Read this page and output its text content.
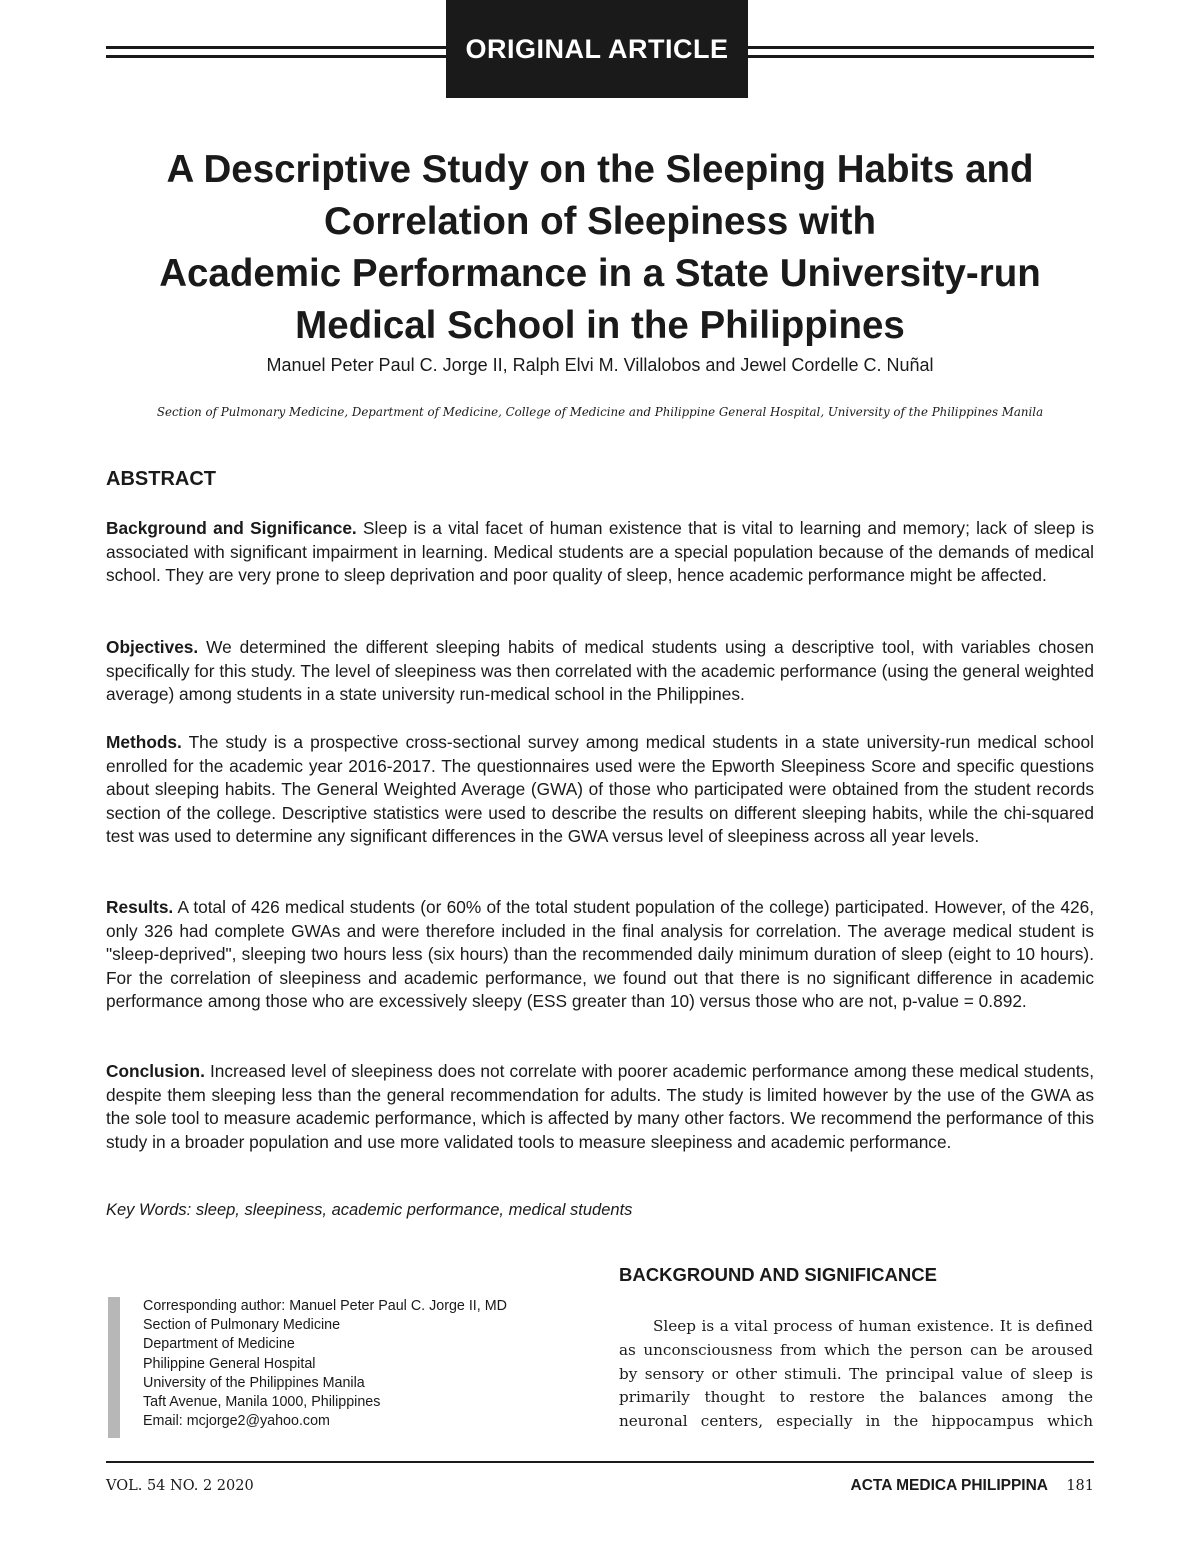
ORIGINAL ARTICLE
A Descriptive Study on the Sleeping Habits and
Correlation of Sleepiness with
Academic Performance in a State University-run
Medical School in the Philippines

Manuel Peter Paul C. Jorge II, Ralph Elvi M. Villalobos and Jewel Cordelle C. Nuñal

Section of Pulmonary Medicine, Department of Medicine, College of Medicine and Philippine General Hospital, University of the Philippines Manila

ABSTRACT

Background and Significance. Sleep is a vital facet of human existence that is vital to learning and memory; lack of sleep is associated with significant impairment in learning. Medical students are a special population because of the demands of medical school. They are very prone to sleep deprivation and poor quality of sleep, hence academic performance might be affected.

Objectives. We determined the different sleeping habits of medical students using a descriptive tool, with variables chosen specifically for this study. The level of sleepiness was then correlated with the academic performance (using the general weighted average) among students in a state university run-medical school in the Philippines.

Methods. The study is a prospective cross-sectional survey among medical students in a state university-run medical school enrolled for the academic year 2016-2017. The questionnaires used were the Epworth Sleepiness Score and specific questions about sleeping habits. The General Weighted Average (GWA) of those who participated were obtained from the student records section of the college. Descriptive statistics were used to describe the results on different sleeping habits, while the chi-squared test was used to determine any significant differences in the GWA versus level of sleepiness across all year levels.

Results. A total of 426 medical students (or 60% of the total student population of the college) participated. However, of the 426, only 326 had complete GWAs and were therefore included in the final analysis for correlation. The average medical student is "sleep-deprived", sleeping two hours less (six hours) than the recommended daily minimum duration of sleep (eight to 10 hours). For the correlation of sleepiness and academic performance, we found out that there is no significant difference in academic performance among those who are excessively sleepy (ESS greater than 10) versus those who are not, p-value = 0.892.

Conclusion. Increased level of sleepiness does not correlate with poorer academic performance among these medical students, despite them sleeping less than the general recommendation for adults. The study is limited however by the use of the GWA as the sole tool to measure academic performance, which is affected by many other factors. We recommend the performance of this study in a broader population and use more validated tools to measure sleepiness and academic performance.

Key Words: sleep, sleepiness, academic performance, medical students

Corresponding author: Manuel Peter Paul C. Jorge II, MD

Section of Pulmonary Medicine

Department of Medicine

Philippine General Hospital

University of the Philippines Manila

Taft Avenue, Manila 1000, Philippines

Email: mcjorge2@yahoo.com

BACKGROUND AND SIGNIFICANCE

Sleep is a vital process of human existence. It is defined as unconsciousness from which the person can be aroused by sensory or other stimuli. The principal value of sleep is primarily thought to restore the balances among the neuronal centers, especially in the hippocampus which

VOL. 54 NO. 2 2020	ACTA MEDICA PHILIPPINA 181
